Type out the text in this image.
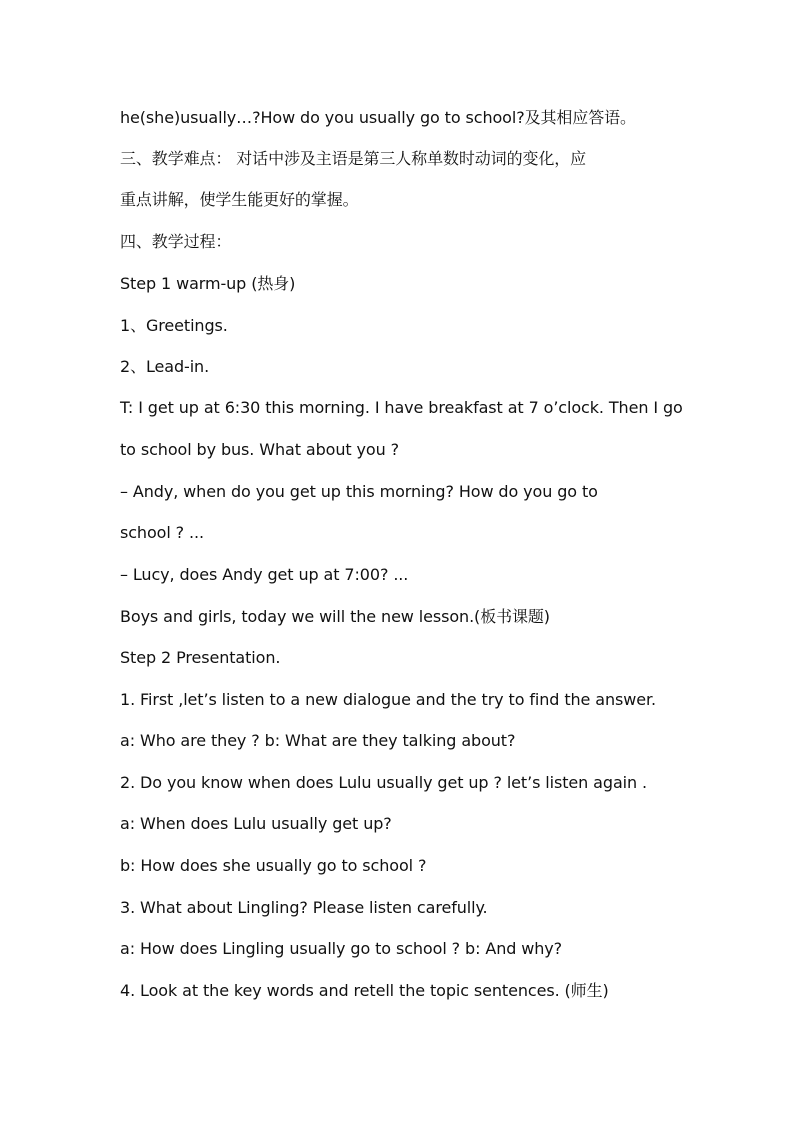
he(she)usually…?How do you usually go to school?及其相应答语。
三、教学难点： 对话中涉及主语是第三人称单数时动词的变化，应
重点讲解，使学生能更好的掌握。
四、教学过程：
Step 1 warm-up (热身)
1、Greetings.
2、Lead-in.
T: I get up at 6:30 this morning. I have breakfast at 7 o’clock. Then I go
to school by bus. What about you ?
– Andy, when do you get up this morning? How do you go to
school ? ...
– Lucy, does Andy get up at 7:00? ...
Boys and girls, today we will the new lesson.(板书课题)
Step 2 Presentation.
1. First ,let’s listen to a new dialogue and the try to find the answer.
a: Who are they ? b: What are they talking about?
2. Do you know when does Lulu usually get up ? let’s listen again .
a: When does Lulu usually get up?
b: How does she usually go to school ?
3. What about Lingling? Please listen carefully.
a: How does Lingling usually go to school ? b: And why?
4. Look at the key words and retell the topic sentences. (师生)
